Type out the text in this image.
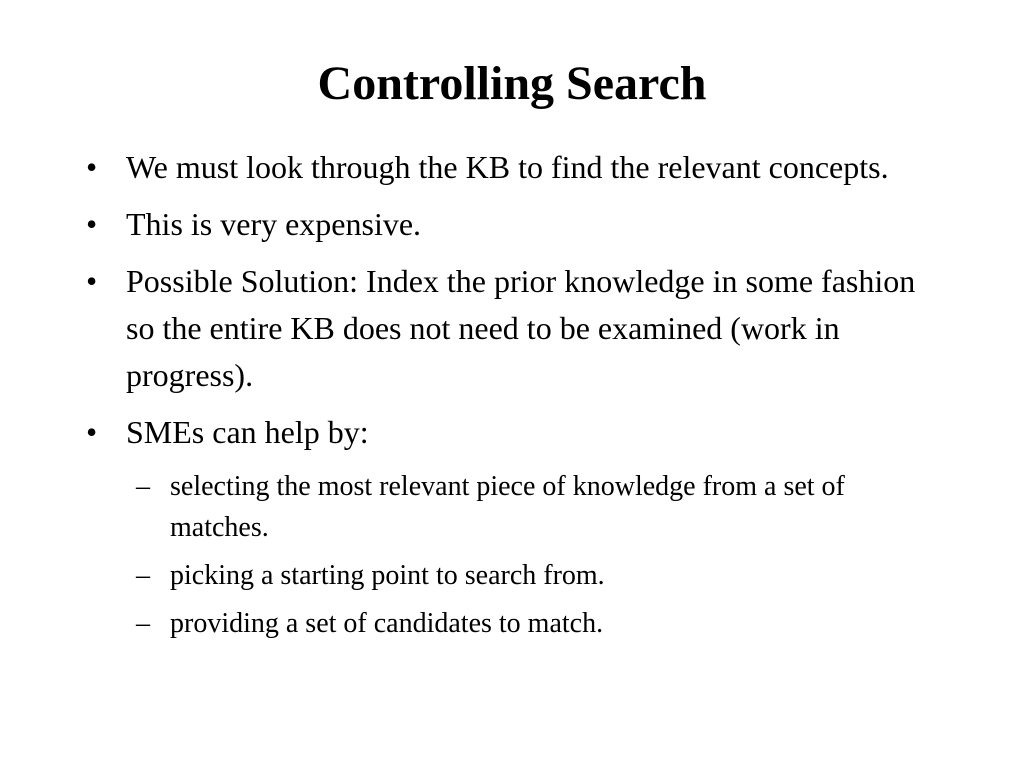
Controlling Search
• We must look through the KB to find the relevant concepts.
• This is very expensive.
• Possible Solution: Index the prior knowledge in some fashion so the entire KB does not need to be examined (work in progress).
• SMEs can help by:
– selecting the most relevant piece of knowledge from a set of matches.
– picking a starting point to search from.
– providing a set of candidates to match.
